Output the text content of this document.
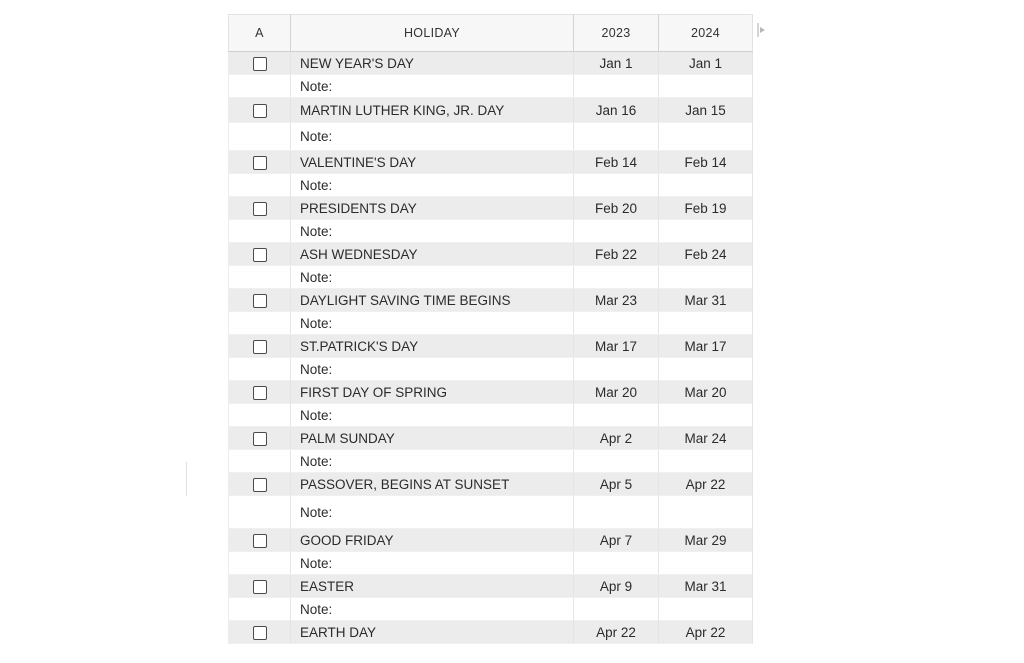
A	HOLIDAY	2023	2024
	NEW YEAR'S DAY	Jan 1	Jan 1
	Note:		
	MARTIN LUTHER KING, JR. DAY	Jan 16	Jan 15
	Note:		
	VALENTINE'S DAY	Feb 14	Feb 14
	Note:		
	PRESIDENTS DAY	Feb 20	Feb 19
	Note:		
	ASH WEDNESDAY	Feb 22	Feb 24
	Note:		
	DAYLIGHT SAVING TIME BEGINS	Mar 23	Mar 31
	Note:		
	ST.PATRICK'S DAY	Mar 17	Mar 17
	Note:		
	FIRST DAY OF SPRING	Mar 20	Mar 20
	Note:		
	PALM SUNDAY	Apr 2	Mar 24
	Note:		
	PASSOVER, BEGINS AT SUNSET	Apr 5	Apr 22
	Note:		
	GOOD FRIDAY	Apr 7	Mar 29
	Note:		
	EASTER	Apr 9	Mar 31
	Note:		
	EARTH DAY	Apr 22	Apr 22
